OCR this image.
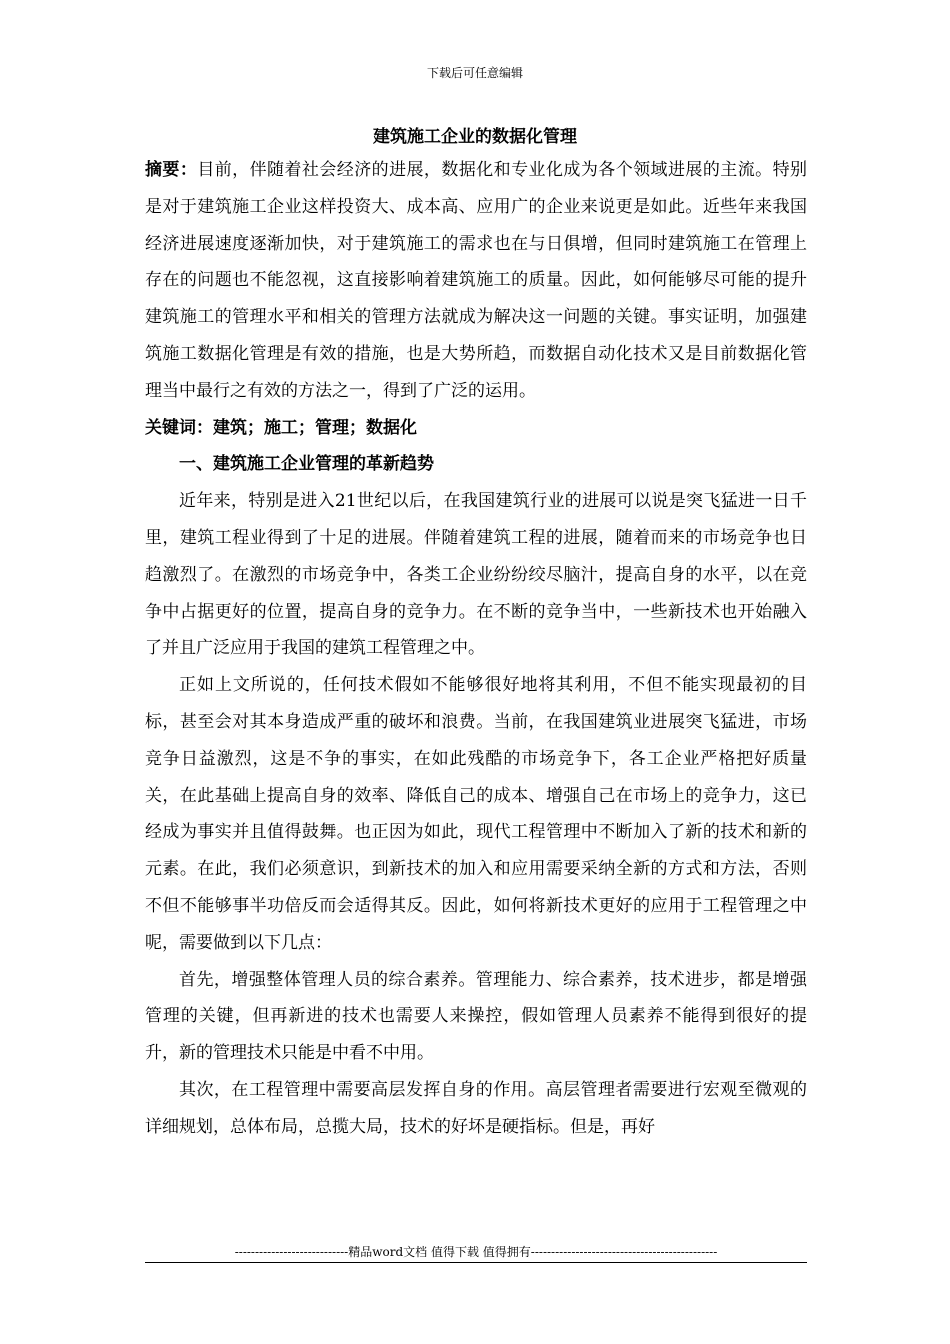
下载后可任意编辑
建筑施工企业的数据化管理

摘要：目前，伴随着社会经济的进展，数据化和专业化成为各个领域进展的主流。特别是对于建筑施工企业这样投资大、成本高、应用广的企业来说更是如此。近些年来我国经济进展速度逐渐加快，对于建筑施工的需求也在与日俱增，但同时建筑施工在管理上存在的问题也不能忽视，这直接影响着建筑施工的质量。因此，如何能够尽可能的提升建筑施工的管理水平和相关的管理方法就成为解决这一问题的关键。事实证明，加强建筑施工数据化管理是有效的措施，也是大势所趋，而数据自动化技术又是目前数据化管理当中最行之有效的方法之一，得到了广泛的运用。

关键词：建筑；施工；管理；数据化

一、建筑施工企业管理的革新趋势

近年来，特别是进入21世纪以后，在我国建筑行业的进展可以说是突飞猛进一日千里，建筑工程业得到了十足的进展。伴随着建筑工程的进展，随着而来的市场竞争也日趋激烈了。在激烈的市场竞争中，各类工企业纷纷绞尽脑汁，提高自身的水平，以在竞争中占据更好的位置，提高自身的竞争力。在不断的竞争当中，一些新技术也开始融入了并且广泛应用于我国的建筑工程管理之中。

正如上文所说的，任何技术假如不能够很好地将其利用，不但不能实现最初的目标，甚至会对其本身造成严重的破坏和浪费。当前，在我国建筑业进展突飞猛进，市场竞争日益激烈，这是不争的事实，在如此残酷的市场竞争下，各工企业严格把好质量关，在此基础上提高自身的效率、降低自己的成本、增强自己在市场上的竞争力，这已经成为事实并且值得鼓舞。也正因为如此，现代工程管理中不断加入了新的技术和新的元素。在此，我们必须意识，到新技术的加入和应用需要采纳全新的方式和方法，否则不但不能够事半功倍反而会适得其反。因此，如何将新技术更好的应用于工程管理之中呢，需要做到以下几点：

首先，增强整体管理人员的综合素养。管理能力、综合素养，技术进步，都是增强管理的关键，但再新进的技术也需要人来操控，假如管理人员素养不能得到很好的提升，新的管理技术只能是中看不中用。

其次，在工程管理中需要高层发挥自身的作用。高层管理者需要进行宏观至微观的详细规划，总体布局，总揽大局，技术的好坏是硬指标。但是，再好

----------------------------精品word文档 值得下载 值得拥有----------------------------------------------
